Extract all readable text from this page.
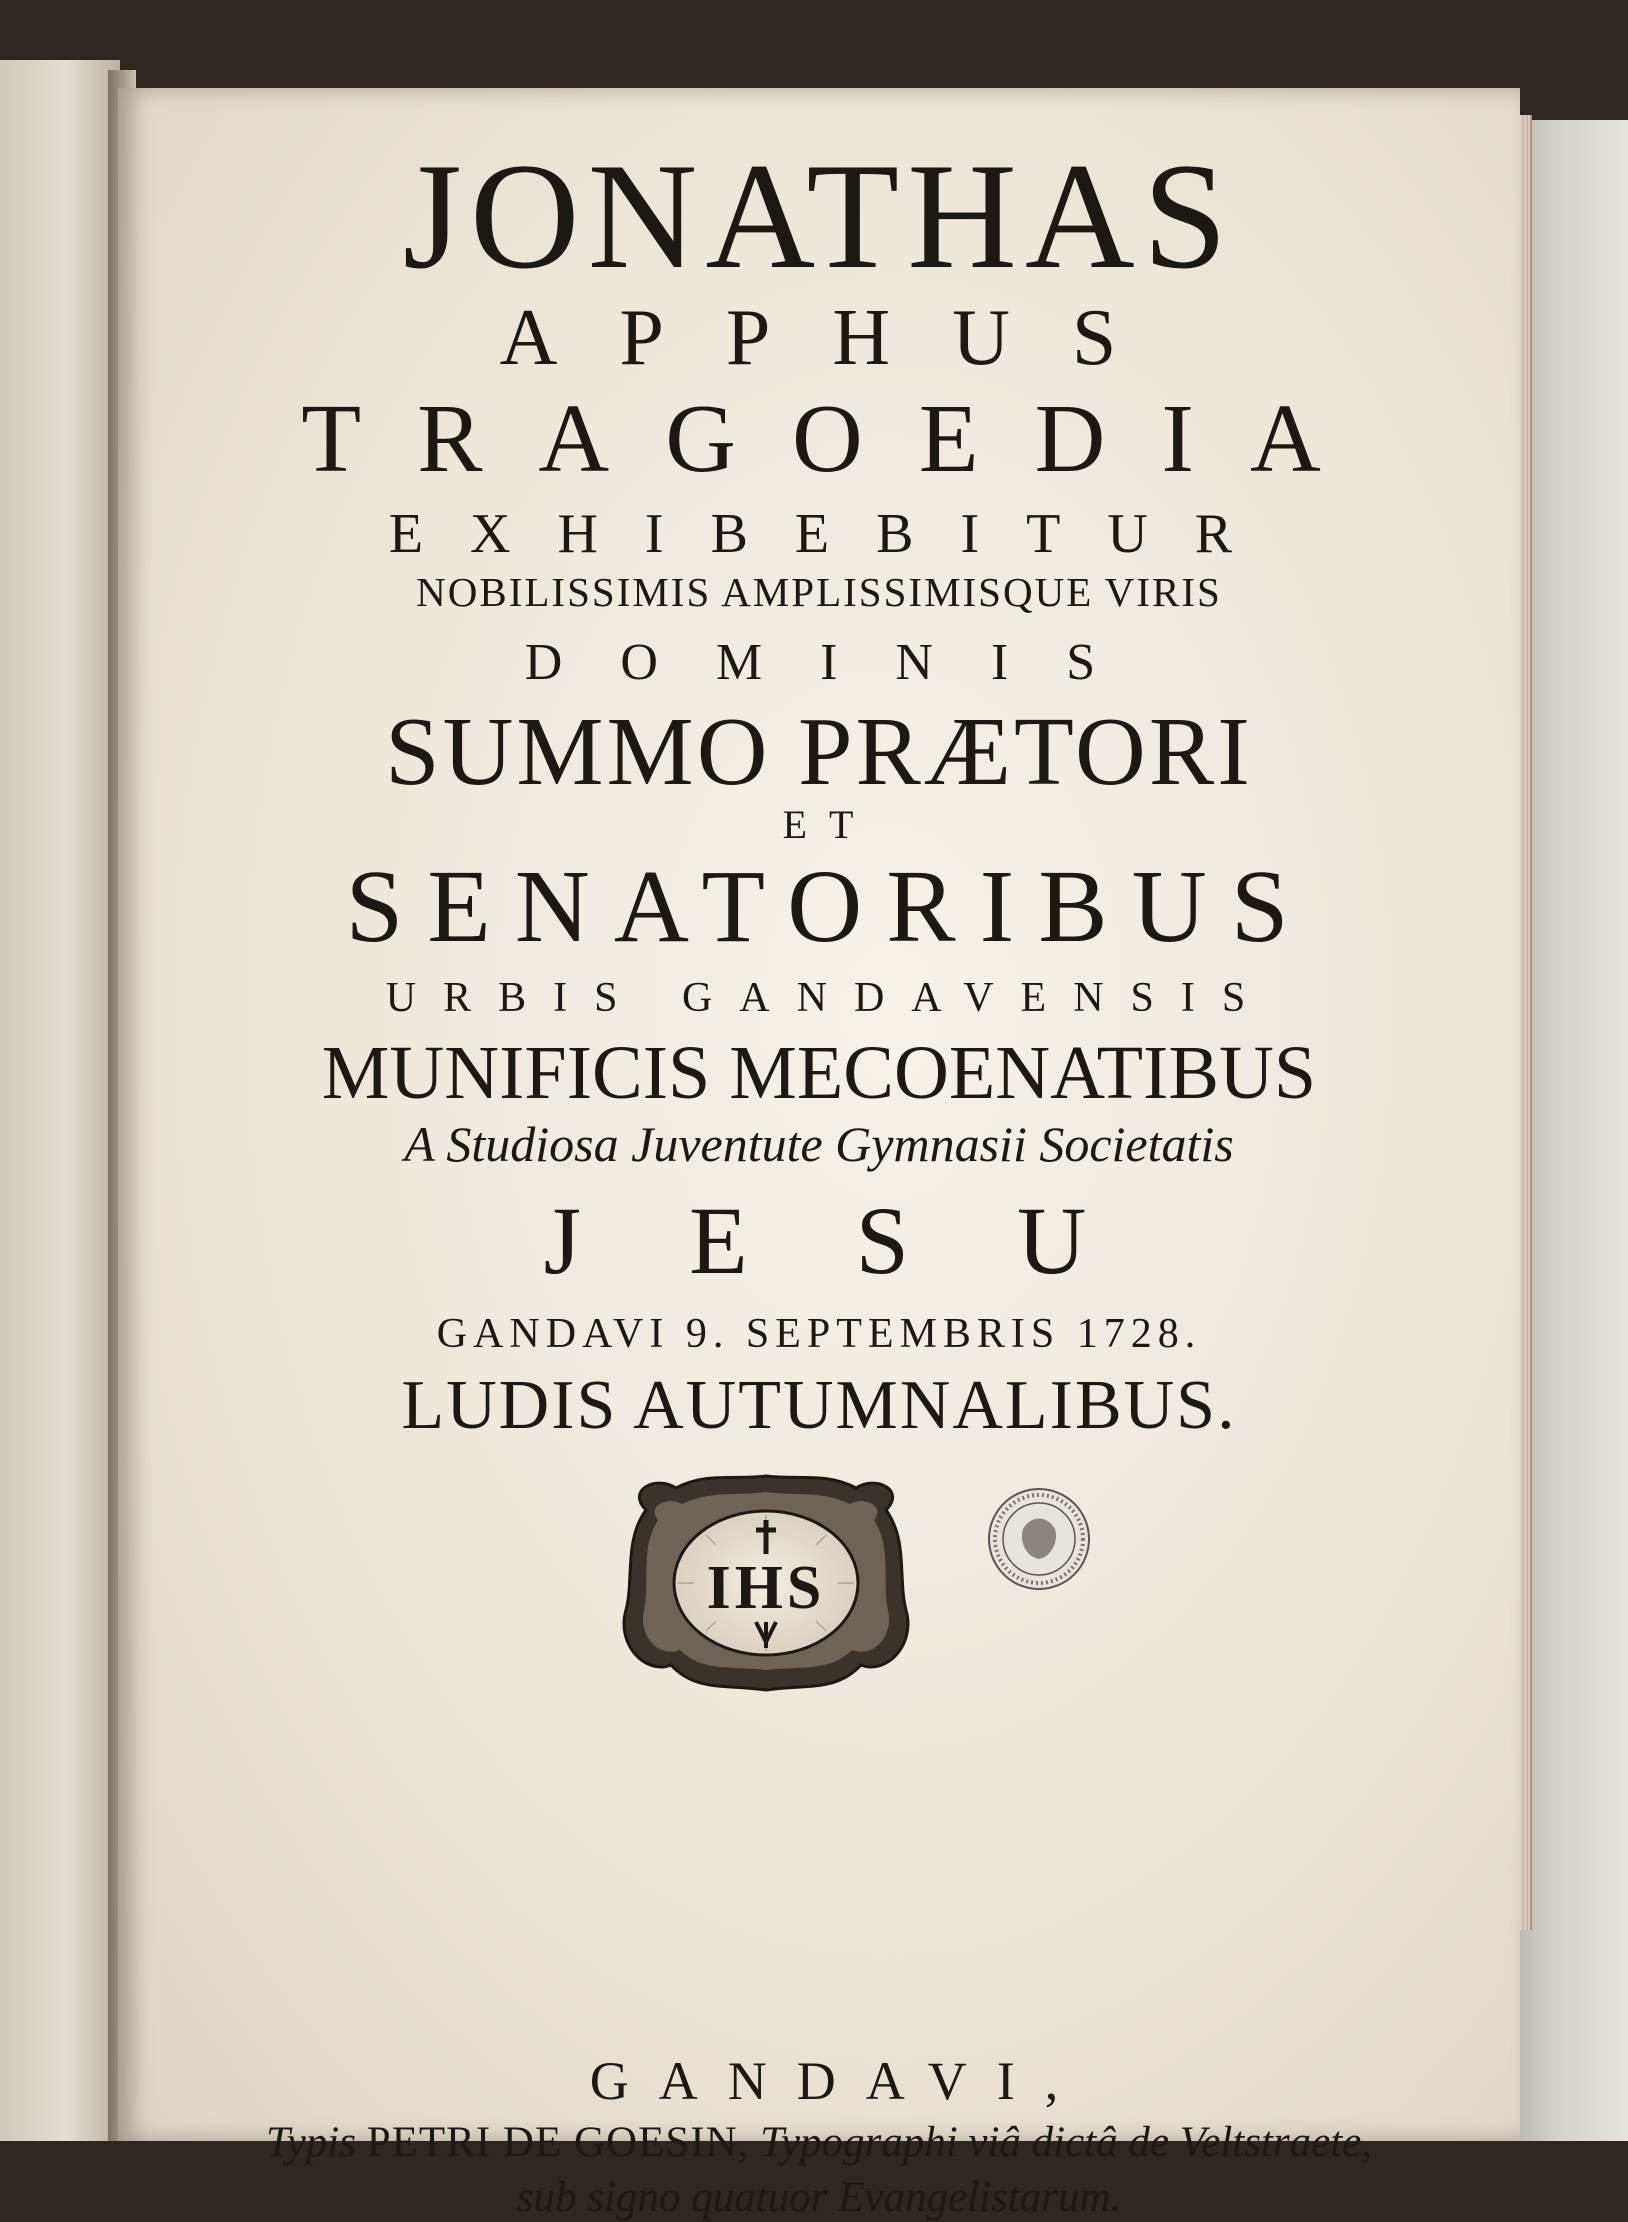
JONATHAS
APPHUS
TRAGOEDIA
EXHIBEBITUR
NOBILISSIMIS AMPLISSIMISQUE VIRIS
DOMINIS
SUMMO PRÆTORI
ET
SENATORIBUS
URBIS GANDAVENSIS
MUNIFICIS MECOENATIBUS
A Studiosa Juventute Gymnasii Societatis
JESU
GANDAVI 9. SEPTEMBRIS 1728.
LUDIS AUTUMNALIBUS.
IHS
GANDAVI,
Typis PETRI DE GOESIN, Typographi viâ dictâ de Veltstraete,
sub signo quatuor Evangelistarum.
